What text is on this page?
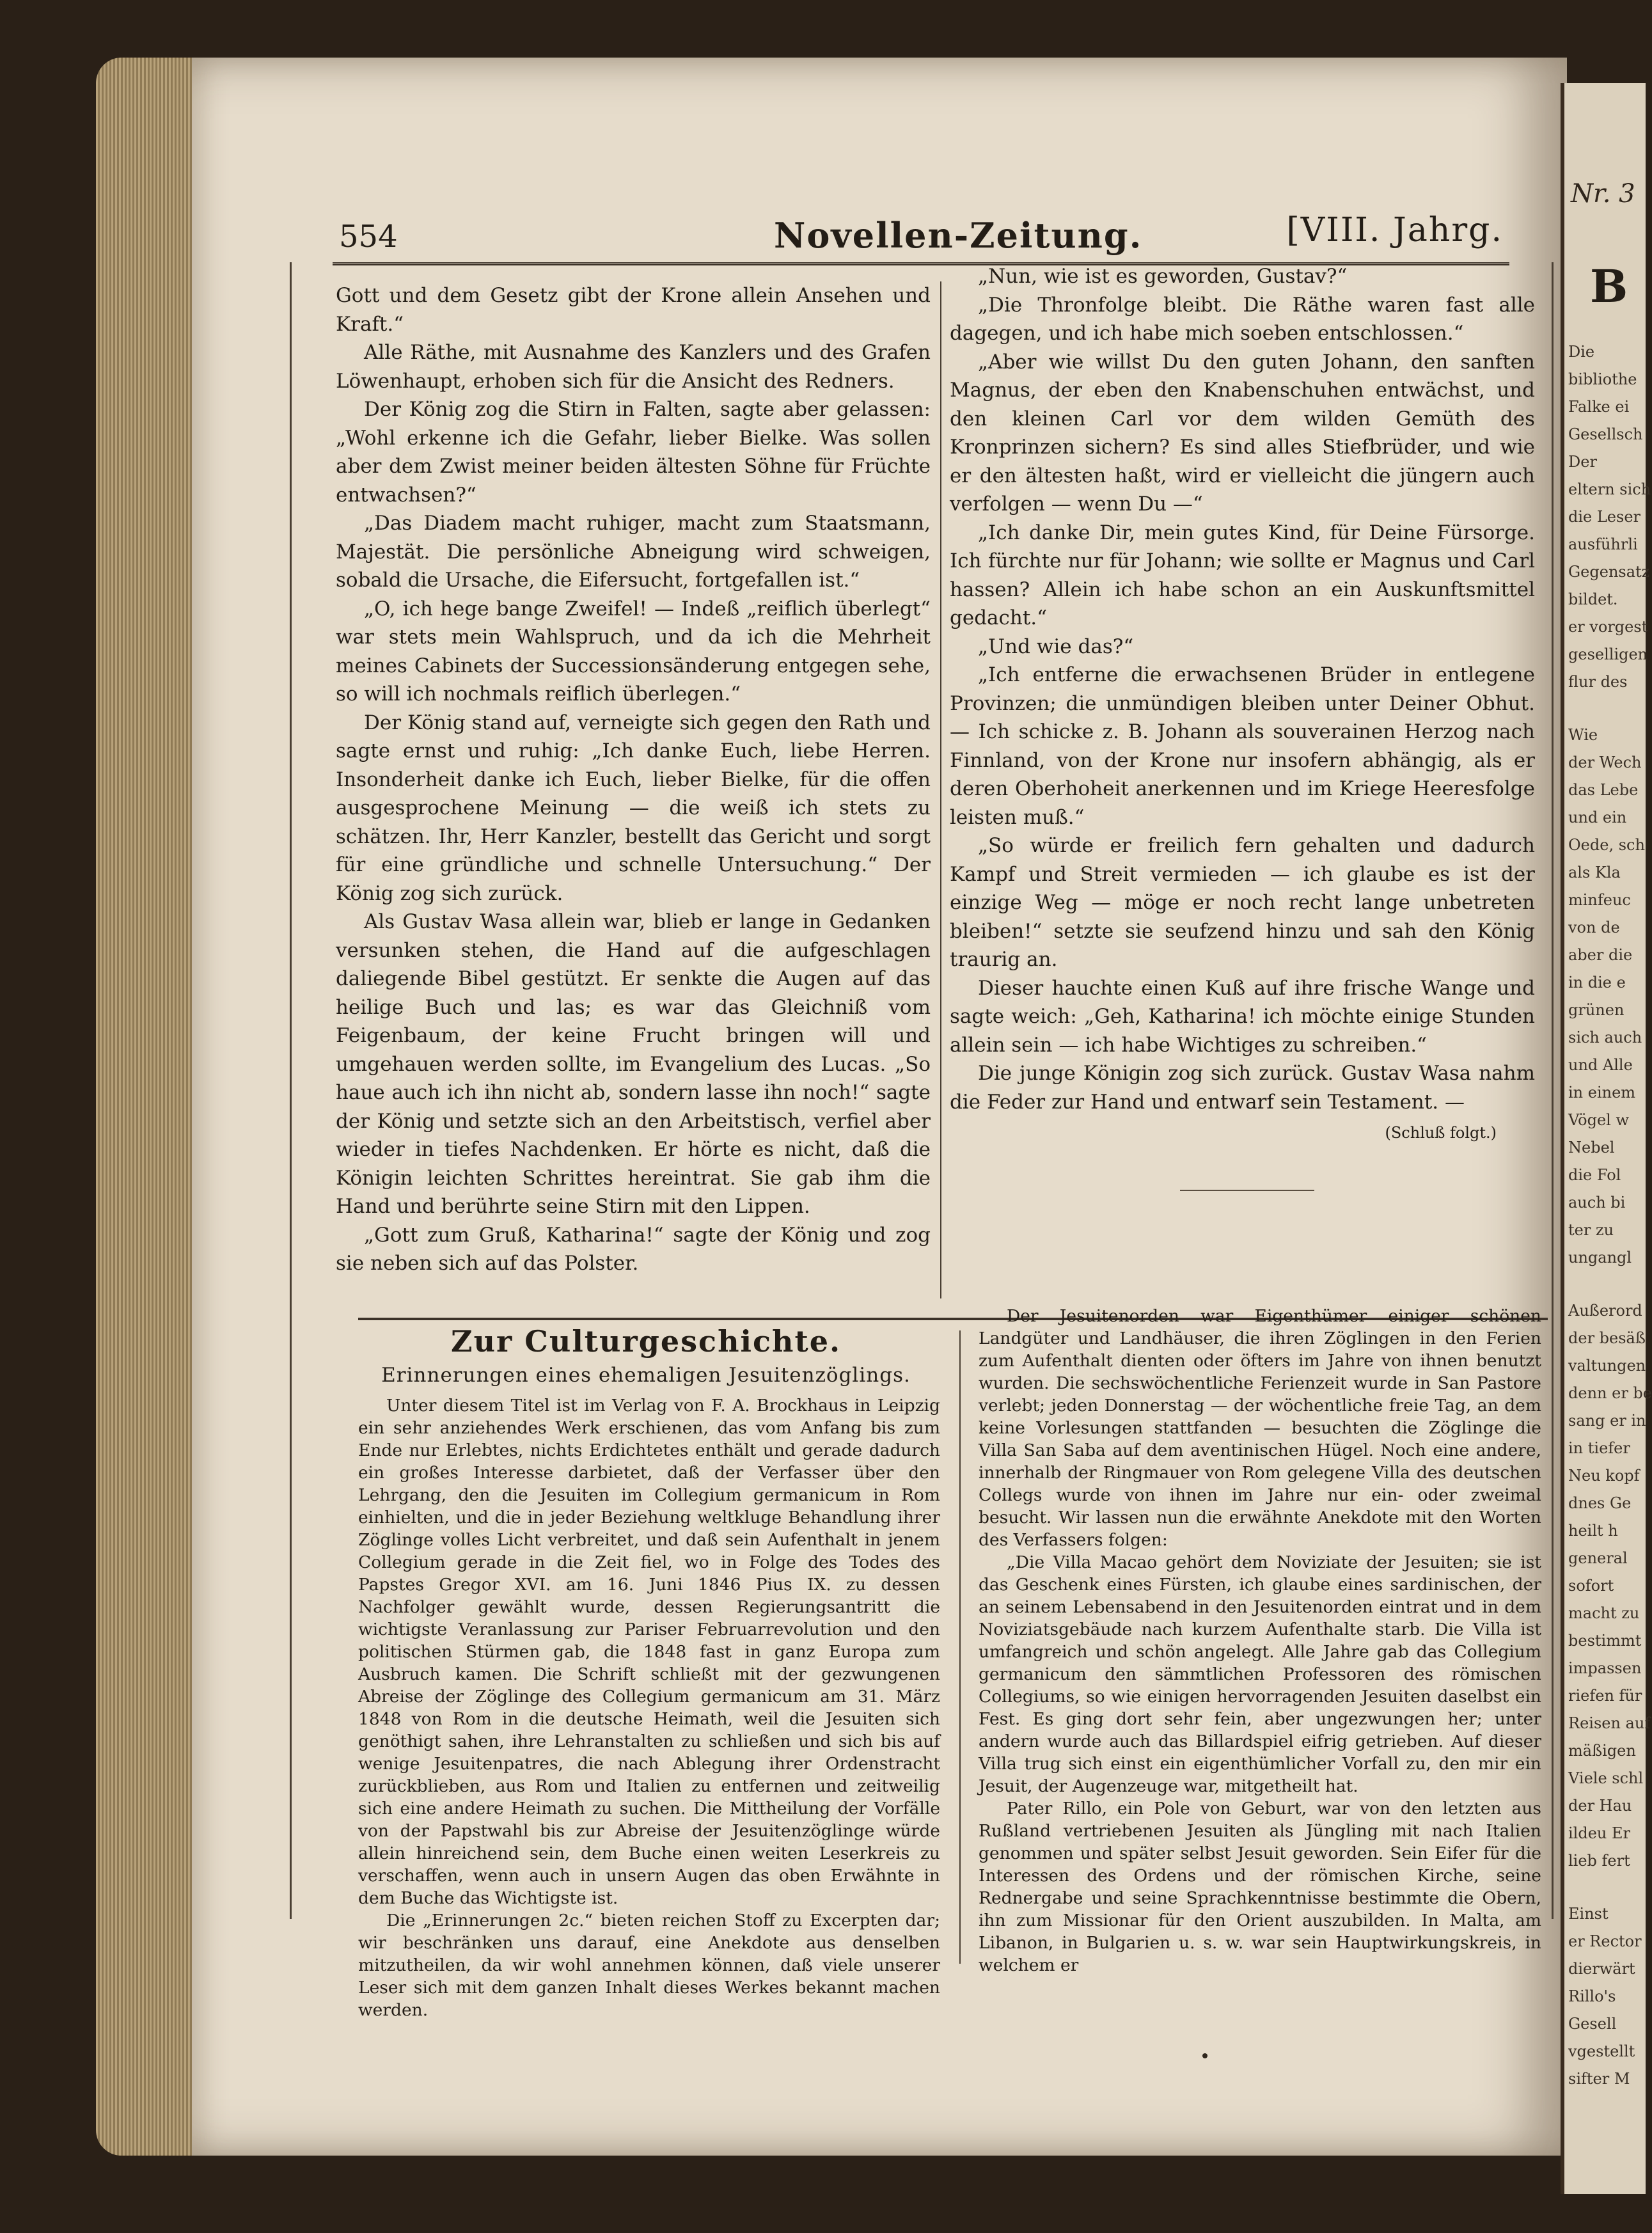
Nr. 3
B
Die
bibliothe
Falke ei
Gesellsch
Der
eltern sich
die Leser
ausführli
Gegensatz
bildet.
er vorgest
geselligen
flur des
Wie
der Wech
das Lebe
und ein
Oede, sch
als Kla
minfeuc
von de
aber die
in die e
grünen
sich auch
und Alle
in einem
Vögel w
Nebel
die Fol
auch bi
ter zu
ungangl
Außerord
der besäß
valtungen
denn er be
sang er in
in tiefer
Neu kopf
dnes Ge
heilt h
general
sofort
macht zu
bestimmt
impassen
riefen für
Reisen auf
mäßigen
Viele schl
der Hau
ildeu Er
lieb fert
Einst
er Rector
dierwärt
Rillo's
Gesell
vgestellt
sifter M
554	Novellen-Zeitung.	[VIII. Jahrg.

Gott und dem Gesetz gibt der Krone allein Ansehen und Kraft.“

Alle Räthe, mit Ausnahme des Kanzlers und des Grafen Löwenhaupt, erhoben sich für die Ansicht des Redners.

Der König zog die Stirn in Falten, sagte aber gelassen: „Wohl erkenne ich die Gefahr, lieber Bielke. Was sollen aber dem Zwist meiner beiden ältesten Söhne für Früchte entwachsen?“

„Das Diadem macht ruhiger, macht zum Staatsmann, Majestät. Die persönliche Abneigung wird schweigen, sobald die Ursache, die Eifersucht, fortgefallen ist.“

„O, ich hege bange Zweifel! — Indeß „reiflich überlegt“ war stets mein Wahlspruch, und da ich die Mehrheit meines Cabinets der Successionsänderung entgegen sehe, so will ich nochmals reiflich überlegen.“

Der König stand auf, verneigte sich gegen den Rath und sagte ernst und ruhig: „Ich danke Euch, liebe Herren. Insonderheit danke ich Euch, lieber Bielke, für die offen ausgesprochene Meinung — die weiß ich stets zu schätzen. Ihr, Herr Kanzler, bestellt das Gericht und sorgt für eine gründliche und schnelle Untersuchung.“ Der König zog sich zurück.

Als Gustav Wasa allein war, blieb er lange in Gedanken versunken stehen, die Hand auf die aufgeschlagen daliegende Bibel gestützt. Er senkte die Augen auf das heilige Buch und las; es war das Gleichniß vom Feigenbaum, der keine Frucht bringen will und umgehauen werden sollte, im Evangelium des Lucas. „So haue auch ich ihn nicht ab, sondern lasse ihn noch!“ sagte der König und setzte sich an den Arbeitstisch, verfiel aber wieder in tiefes Nachdenken. Er hörte es nicht, daß die Königin leichten Schrittes hereintrat. Sie gab ihm die Hand und berührte seine Stirn mit den Lippen.

„Gott zum Gruß, Katharina!“ sagte der König und zog sie neben sich auf das Polster.

„Nun, wie ist es geworden, Gustav?“

„Die Thronfolge bleibt. Die Räthe waren fast alle dagegen, und ich habe mich soeben entschlossen.“

„Aber wie willst Du den guten Johann, den sanften Magnus, der eben den Knabenschuhen entwächst, und den kleinen Carl vor dem wilden Gemüth des Kronprinzen sichern? Es sind alles Stiefbrüder, und wie er den ältesten haßt, wird er vielleicht die jüngern auch verfolgen — wenn Du —“

„Ich danke Dir, mein gutes Kind, für Deine Fürsorge. Ich fürchte nur für Johann; wie sollte er Magnus und Carl hassen? Allein ich habe schon an ein Auskunftsmittel gedacht.“

„Und wie das?“

„Ich entferne die erwachsenen Brüder in entlegene Provinzen; die unmündigen bleiben unter Deiner Obhut. — Ich schicke z. B. Johann als souverainen Herzog nach Finnland, von der Krone nur insofern abhängig, als er deren Oberhoheit anerkennen und im Kriege Heeresfolge leisten muß.“

„So würde er freilich fern gehalten und dadurch Kampf und Streit vermieden — ich glaube es ist der einzige Weg — möge er noch recht lange unbetreten bleiben!“ setzte sie seufzend hinzu und sah den König traurig an.

Dieser hauchte einen Kuß auf ihre frische Wange und sagte weich: „Geh, Katharina! ich möchte einige Stunden allein sein — ich habe Wichtiges zu schreiben.“

Die junge Königin zog sich zurück. Gustav Wasa nahm die Feder zur Hand und entwarf sein Testament. —

(Schluß folgt.)
Zur Culturgeschichte.
Erinnerungen eines ehemaligen Jesuitenzöglings.

Unter diesem Titel ist im Verlag von F. A. Brockhaus in Leipzig ein sehr anziehendes Werk erschienen, das vom Anfang bis zum Ende nur Erlebtes, nichts Erdichtetes enthält und gerade dadurch ein großes Interesse darbietet, daß der Verfasser über den Lehrgang, den die Jesuiten im Collegium germanicum in Rom einhielten, und die in jeder Beziehung weltkluge Behandlung ihrer Zöglinge volles Licht verbreitet, und daß sein Aufenthalt in jenem Collegium gerade in die Zeit fiel, wo in Folge des Todes des Papstes Gregor XVI. am 16. Juni 1846 Pius IX. zu dessen Nachfolger gewählt wurde, dessen Regierungsantritt die wichtigste Veranlassung zur Pariser Februarrevolution und den politischen Stürmen gab, die 1848 fast in ganz Europa zum Ausbruch kamen. Die Schrift schließt mit der gezwungenen Abreise der Zöglinge des Collegium germanicum am 31. März 1848 von Rom in die deutsche Heimath, weil die Jesuiten sich genöthigt sahen, ihre Lehranstalten zu schließen und sich bis auf wenige Jesuitenpatres, die nach Ablegung ihrer Ordenstracht zurückblieben, aus Rom und Italien zu entfernen und zeitweilig sich eine andere Heimath zu suchen. Die Mittheilung der Vorfälle von der Papstwahl bis zur Abreise der Jesuitenzöglinge würde allein hinreichend sein, dem Buche einen weiten Leserkreis zu verschaffen, wenn auch in unsern Augen das oben Erwähnte in dem Buche das Wichtigste ist.

Die „Erinnerungen 2c.“ bieten reichen Stoff zu Excerpten dar; wir beschränken uns darauf, eine Anekdote aus denselben mitzutheilen, da wir wohl annehmen können, daß viele unserer Leser sich mit dem ganzen Inhalt dieses Werkes bekannt machen werden.

Der Jesuitenorden war Eigenthümer einiger schönen Landgüter und Landhäuser, die ihren Zöglingen in den Ferien zum Aufenthalt dienten oder öfters im Jahre von ihnen benutzt wurden. Die sechswöchentliche Ferienzeit wurde in San Pastore verlebt; jeden Donnerstag — der wöchentliche freie Tag, an dem keine Vorlesungen stattfanden — besuchten die Zöglinge die Villa San Saba auf dem aventinischen Hügel. Noch eine andere, innerhalb der Ringmauer von Rom gelegene Villa des deutschen Collegs wurde von ihnen im Jahre nur ein- oder zweimal besucht. Wir lassen nun die erwähnte Anekdote mit den Worten des Verfassers folgen:

„Die Villa Macao gehört dem Noviziate der Jesuiten; sie ist das Geschenk eines Fürsten, ich glaube eines sardinischen, der an seinem Lebensabend in den Jesuitenorden eintrat und in dem Noviziatsgebäude nach kurzem Aufenthalte starb. Die Villa ist umfangreich und schön angelegt. Alle Jahre gab das Collegium germanicum den sämmtlichen Professoren des römischen Collegiums, so wie einigen hervorragenden Jesuiten daselbst ein Fest. Es ging dort sehr fein, aber ungezwungen her; unter andern wurde auch das Billardspiel eifrig getrieben. Auf dieser Villa trug sich einst ein eigenthümlicher Vorfall zu, den mir ein Jesuit, der Augenzeuge war, mitgetheilt hat.

Pater Rillo, ein Pole von Geburt, war von den letzten aus Rußland vertriebenen Jesuiten als Jüngling mit nach Italien genommen und später selbst Jesuit geworden. Sein Eifer für die Interessen des Ordens und der römischen Kirche, seine Rednergabe und seine Sprachkenntnisse bestimmte die Obern, ihn zum Missionar für den Orient auszubilden. In Malta, am Libanon, in Bulgarien u. s. w. war sein Hauptwirkungskreis, in welchem er
